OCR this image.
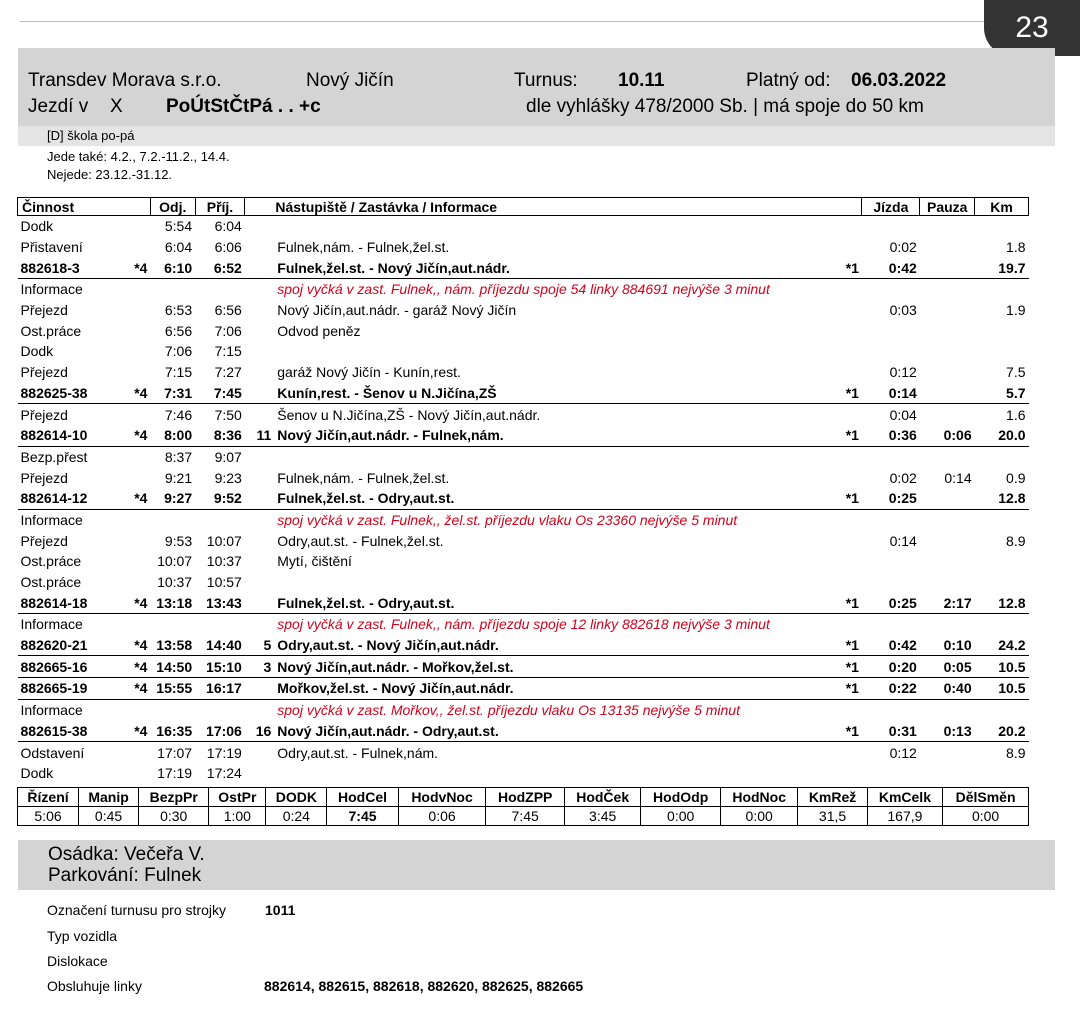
23
Transdev Morava s.r.o.	Nový Jičín	Turnus: 10.11	Platný od: 06.03.2022
Jezdí v X PoÚtStČtPá . . +c	dle vyhlášky 478/2000 Sb. | má spoje do 50 km
[D] škola po-pá
Jede také: 4.2., 7.2.-11.2., 14.4.
Nejede: 23.12.-31.12.
Činnost		Odj.	Příj.	Nástupiště / Zastávka / Informace			Jízda	Pauza	Km
Dodk		5:54	6:04						
Přistavení		6:04	6:06		Fulnek,nám. - Fulnek,žel.st.		0:02		1.8
882618-3	*4	6:10	6:52		Fulnek,žel.st. - Nový Jičín,aut.nádr.	*1	0:42		19.7
Informace					spoj vyčká v zast. Fulnek,, nám. příjezdu spoje 54 linky 884691 nejvýše 3 minut				
Přejezd		6:53	6:56		Nový Jičín,aut.nádr. - garáž Nový Jičín		0:03		1.9
Ost.práce		6:56	7:06		Odvod peněz				
Dodk		7:06	7:15						
Přejezd		7:15	7:27		garáž Nový Jičín - Kunín,rest.		0:12		7.5
882625-38	*4	7:31	7:45		Kunín,rest. - Šenov u N.Jičína,ZŠ	*1	0:14		5.7
Přejezd		7:46	7:50		Šenov u N.Jičína,ZŠ - Nový Jičín,aut.nádr.		0:04		1.6
882614-10	*4	8:00	8:36	11	Nový Jičín,aut.nádr. - Fulnek,nám.	*1	0:36	0:06	20.0
Bezp.přest		8:37	9:07						
Přejezd		9:21	9:23		Fulnek,nám. - Fulnek,žel.st.		0:02	0:14	0.9
882614-12	*4	9:27	9:52		Fulnek,žel.st. - Odry,aut.st.	*1	0:25		12.8
Informace					spoj vyčká v zast. Fulnek,, žel.st. příjezdu vlaku Os 23360 nejvýše 5 minut				
Přejezd		9:53	10:07		Odry,aut.st. - Fulnek,žel.st.		0:14		8.9
Ost.práce		10:07	10:37		Mytí, čištění				
Ost.práce		10:37	10:57						
882614-18	*4	13:18	13:43		Fulnek,žel.st. - Odry,aut.st.	*1	0:25	2:17	12.8
Informace					spoj vyčká v zast. Fulnek,, nám. příjezdu spoje 12 linky 882618 nejvýše 3 minut				
882620-21	*4	13:58	14:40	5	Odry,aut.st. - Nový Jičín,aut.nádr.	*1	0:42	0:10	24.2
882665-16	*4	14:50	15:10	3	Nový Jičín,aut.nádr. - Mořkov,žel.st.	*1	0:20	0:05	10.5
882665-19	*4	15:55	16:17		Mořkov,žel.st. - Nový Jičín,aut.nádr.	*1	0:22	0:40	10.5
Informace					spoj vyčká v zast. Mořkov,, žel.st. příjezdu vlaku Os 13135 nejvýše 5 minut				
882615-38	*4	16:35	17:06	16	Nový Jičín,aut.nádr. - Odry,aut.st.	*1	0:31	0:13	20.2
Odstavení		17:07	17:19		Odry,aut.st. - Fulnek,nám.		0:12		8.9
Dodk		17:19	17:24						
Řízení	Manip	BezpPr	OstPr	DODK	HodCel	HodvNoc	HodZPP	HodČek	HodOdp	HodNoc	KmRež	KmCelk	DělSměn
5:06	0:45	0:30	1:00	0:24	7:45	0:06	7:45	3:45	0:00	0:00	31,5	167,9	0:00
Osádka: Večeřa V.
Parkování: Fulnek
Označení turnusu pro strojky	1011
Typ vozidla
Dislokace
Obsluhuje linky	882614, 882615, 882618, 882620, 882625, 882665
